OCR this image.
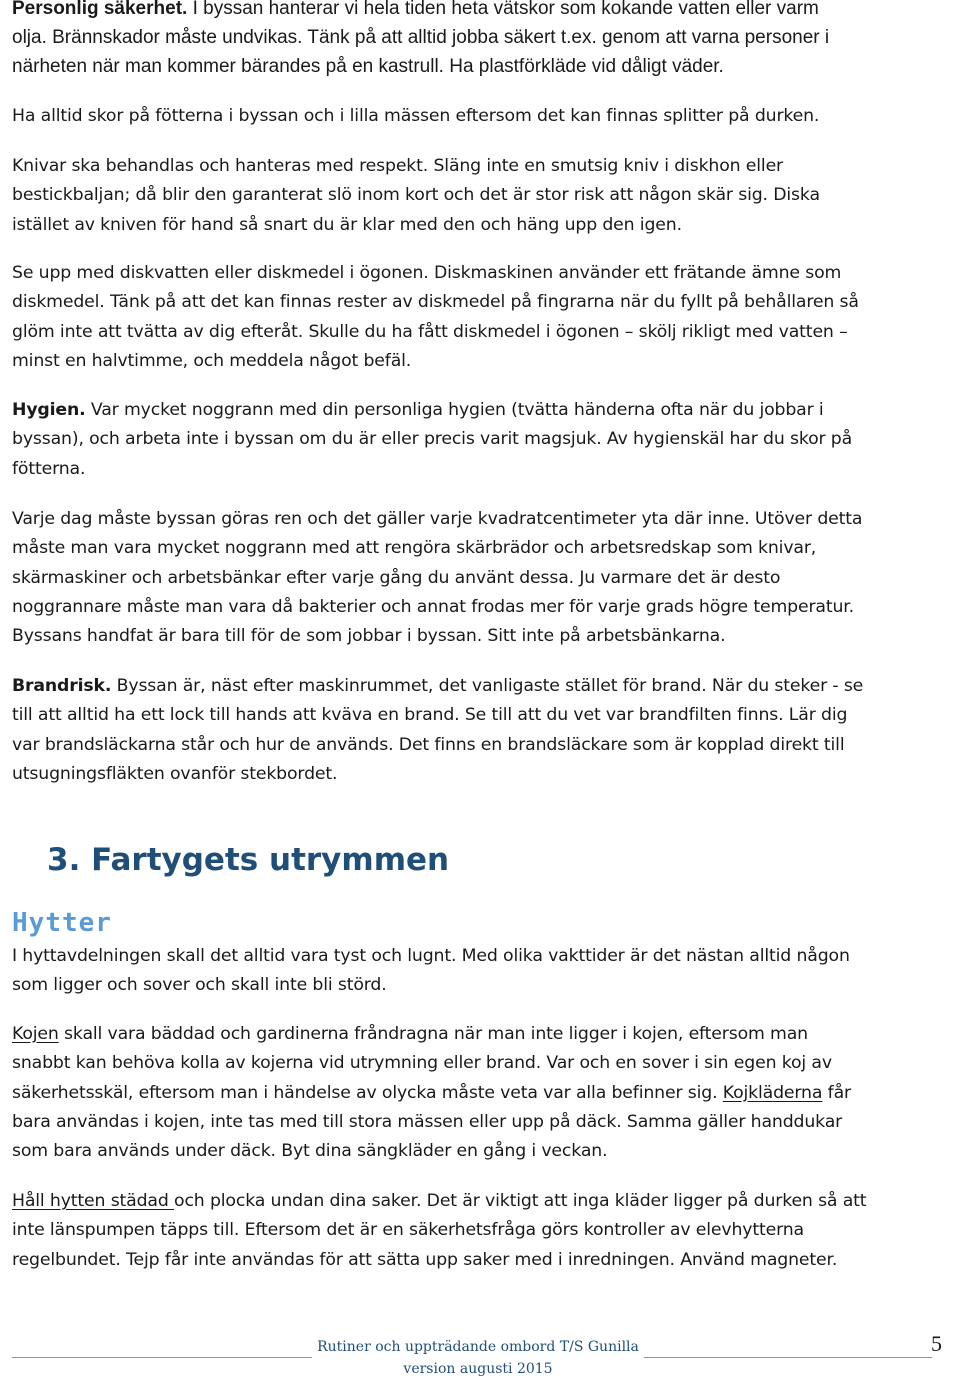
Personlig säkerhet. I byssan hanterar vi hela tiden heta vätskor som kokande vatten eller varm
olja. Brännskador måste undvikas. Tänk på att alltid jobba säkert t.ex. genom att varna personer i
närheten när man kommer bärandes på en kastrull. Ha plastförkläde vid dåligt väder.

Ha alltid skor på fötterna i byssan och i lilla mässen eftersom det kan finnas splitter på durken.

Knivar ska behandlas och hanteras med respekt. Släng inte en smutsig kniv i diskhon eller
bestickbaljan; då blir den garanterat slö inom kort och det är stor risk att någon skär sig. Diska
istället av kniven för hand så snart du är klar med den och häng upp den igen.

Se upp med diskvatten eller diskmedel i ögonen. Diskmaskinen använder ett frätande ämne som
diskmedel. Tänk på att det kan finnas rester av diskmedel på fingrarna när du fyllt på behållaren så
glöm inte att tvätta av dig efteråt. Skulle du ha fått diskmedel i ögonen – skölj rikligt med vatten –
minst en halvtimme, och meddela något befäl.

Hygien. Var mycket noggrann med din personliga hygien (tvätta händerna ofta när du jobbar i
byssan), och arbeta inte i byssan om du är eller precis varit magsjuk. Av hygienskäl har du skor på
fötterna.

Varje dag måste byssan göras ren och det gäller varje kvadratcentimeter yta där inne. Utöver detta
måste man vara mycket noggrann med att rengöra skärbrädor och arbetsredskap som knivar,
skärmaskiner och arbetsbänkar efter varje gång du använt dessa. Ju varmare det är desto
noggrannare måste man vara då bakterier och annat frodas mer för varje grads högre temperatur.
Byssans handfat är bara till för de som jobbar i byssan. Sitt inte på arbetsbänkarna.

Brandrisk. Byssan är, näst efter maskinrummet, det vanligaste stället för brand. När du steker - se
till att alltid ha ett lock till hands att kväva en brand. Se till att du vet var brandfilten finns. Lär dig
var brandsläckarna står och hur de används. Det finns en brandsläckare som är kopplad direkt till
utsugningsfläkten ovanför stekbordet.

3. Fartygets utrymmen
Hytter

I hyttavdelningen skall det alltid vara tyst och lugnt. Med olika vakttider är det nästan alltid någon
som ligger och sover och skall inte bli störd.

Kojen skall vara bäddad och gardinerna fråndragna när man inte ligger i kojen, eftersom man
snabbt kan behöva kolla av kojerna vid utrymning eller brand. Var och en sover i sin egen koj av
säkerhetsskäl, eftersom man i händelse av olycka måste veta var alla befinner sig. Kojkläderna får
bara användas i kojen, inte tas med till stora mässen eller upp på däck. Samma gäller handdukar
som bara används under däck. Byt dina sängkläder en gång i veckan.

Håll hytten städad och plocka undan dina saker. Det är viktigt att inga kläder ligger på durken så att
inte länspumpen täpps till. Eftersom det är en säkerhetsfråga görs kontroller av elevhytterna
regelbundet. Tejp får inte användas för att sätta upp saker med i inredningen. Använd magneter.

Rutiner och uppträdande ombord T/S Gunilla
version augusti 2015
5
